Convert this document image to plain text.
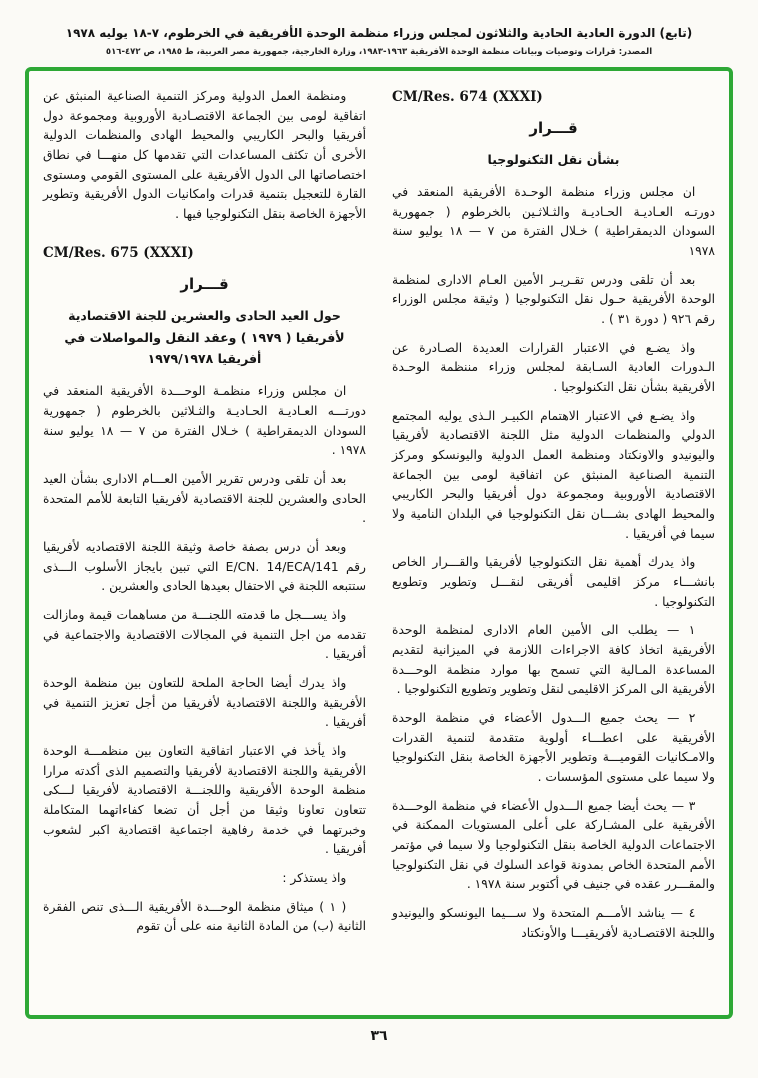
(تابع) الدورة العادية الحادية والثلاثون لمجلس وزراء منظمة الوحدة الأفريقية في الخرطوم، ٧-١٨ يوليه ١٩٧٨
المصدر: قرارات وتوصيات وبيانات منظمة الوحدة الأفريقية ١٩٦٣-١٩٨٣، وزارة الخارجية، جمهورية مصر العربية، ط ١٩٨٥، ص ٤٧٢-٥١٦
CM/Res. 674 (XXXI)
قـــرار
بشأن نقل التكنولوجيا

ان مجلس وزراء منظمة الوحـدة الأفريقية المنعقد في دورتـه العـاديـة الحـاديـة والثـلاثـين بالخرطوم ( جمهورية السودان الديمقراطية ) خـلال الفترة من ٧ — ١٨ يوليو سنة ١٩٧٨

بعد أن تلقى ودرس تقـريـر الأمين العـام الادارى لمنظمة الوحدة الأفريقية حـول نقل التكنولوجيا ( وثيقة مجلس الوزراء رقم ٩٢٦ ( دورة ٣١ ) .

واذ يضـع في الاعتبار القرارات العديدة الصـادرة عن الـدورات العادية السـابقة لمجلس وزراء مننظمة الوحـدة الأفريقية بشأن نقل التكنولوجيا .

واذ يضـع في الاعتبار الاهتمام الكبيـر الـذى يوليه المجتمع الدولي والمنظمات الدولية مثل اللجنة الاقتصادية لأفريقيا واليونيدو والاونكتاد ومنظمة العمل الدولية واليونسكو ومركز التنمية الصناعية المنبثق عن اتفاقية لومى بين الجماعة الاقتصادية الأوروبية ومجموعة دول أفريقيا والبحر الكاريبي والمحيط الهادى بشـــان نقل التكنولوجيا في البلدان النامية ولا سيما في أفريقيا .

واذ يدرك أهمية نقل التكنولوجيا لأفريقيا والقـــرار الخاص بانشـــاء مركز اقليمى أفريقى لنقـــل وتطوير وتطويع التكنولوجيا .

١ — يطلب الى الأمين العام الادارى لمنظمة الوحدة الأفريقية اتخاذ كافة الاجراءات اللازمة في الميزانية لتقديم المساعدة المـالية التي تسمح بها موارد منظمة الوحـــدة الأفريقية الى المركز الاقليمى لنقل وتطوير وتطويع التكنولوجيا .

٢ — يحث جميع الـــدول الأعضاء في منظمة الوحدة الأفريقية على اعطـــاء أولوية متقدمة لتنمية القدرات والامـكانيات القوميـــة وتطوير الأجهزة الخاصة بنقل التكنولوجيا ولا سيما على مستوى المؤسسات .

٣ — يحث أيضا جميع الـــدول الأعضاء في منظمة الوحـــدة الأفريقية على المشـاركة على أعلى المستويات الممكنة في الاجتماعات الدولية الخاصة بنقل التكنولوجيا ولا سيما في مؤتمر الأمم المتحدة الخاص بمدونة قواعد السلوك في نقل التكنولوجيا والمقـــرر عقده في جنيف في أكتوبر سنة ١٩٧٨ .

٤ — يناشد الأمـــم المتحدة ولا ســـيما اليونسكو واليونيدو واللجنة الاقتصـادية لأفريقيـــا والأونكتاد

ومنظمة العمل الدولية ومركز التنمية الصناعية المنبثق عن اتفاقية لومى بين الجماعة الاقتصـادية الأوروبية ومجموعة دول أفريقيا والبحر الكاريبي والمحيط الهادى والمنظمات الدولية الأخرى أن تكثف المساعدات التي تقدمها كل منهـــا في نطاق اختصاصاتها الى الدول الأفريقية على المستوى القومي ومستوى القارة للتعجيل بتنمية قدرات وامكانيات الدول الأفريقية وتطوير الأجهزة الخاصة بنقل التكنولوجيا فيها .

CM/Res. 675 (XXXI)
قـــرار
حول العيد الحادى والعشرين للجنة الاقتصادية لأفريقيا ( ١٩٧٩ ) وعقد النقل والمواصلات في أفريقيا ١٩٧٩/١٩٧٨

ان مجلس وزراء منظمـة الوحـــدة الأفريقية المنعقد في دورتـــه العـاديـة الحـاديـة والثـلاثين بالخرطوم ( جمهورية السودان الديمقراطية ) خـلال الفترة من ٧ — ١٨ يوليو سنة ١٩٧٨ .

بعد أن تلقى ودرس تقرير الأمين العـــام الادارى بشأن العيد الحادى والعشرين للجنة الاقتصادية لأفريقيا التابعة للأمم المتحدة .

وبعد أن درس بصفة خاصة وثيقة اللجنة الاقتصاديه لأفريقيا رقم E/CN. 14/ECA/141 التي تبين بايجاز الأسلوب الـــذى ستتبعه اللجنة في الاحتفال بعيدها الحادى والعشرين .

واذ يســـجل ما قدمته اللجنـــة من مساهمات قيمة ومازالت تقدمه من اجل التنمية في المجالات الاقتصادية والاجتماعية في أفريقيا .

واذ يدرك أيضا الحاجة الملحة للتعاون بين منظمة الوحدة الأفريقية واللجنة الاقتصادية لأفريقيا من أجل تعزيز التنمية في أفريقيا .

واذ يأخذ في الاعتبار اتفاقية التعاون بين منظمـــة الوحدة الأفريقية واللجنة الاقتصادية لأفريقيا والتصميم الذى أكدته مرارا منظمة الوحدة الأفريقية واللجنـــة الاقتصادية لأفريقيا لـــكى تتعاون تعاونا وثيقا من أجل أن تضعا كفاءاتهما المتكاملة وخبرتهما في خدمة رفاهية اجتماعية اقتصادية اكبر لشعوب أفريقيا .

واذ يستذكر :

( ١ ) ميثاق منظمة الوحـــدة الأفريقية الـــذى تنص الفقرة الثانية (ب) من المادة الثانية منه على أن تقوم

٣٦
